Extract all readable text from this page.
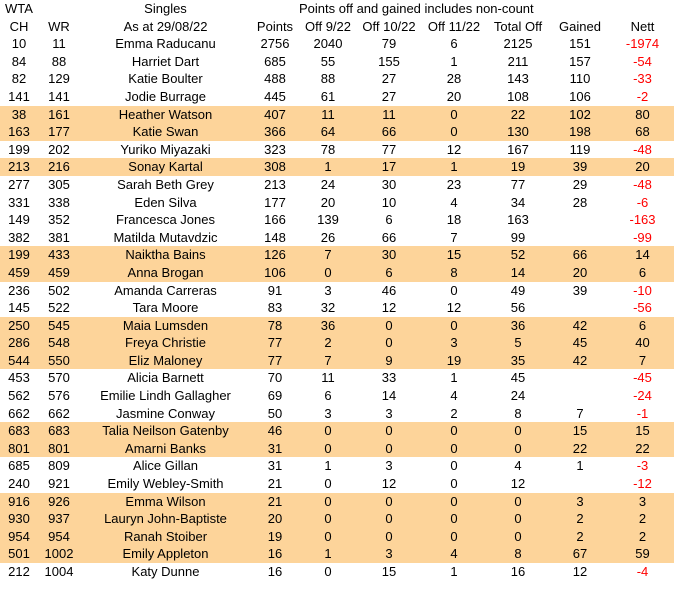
WTA		Singles		Points off and gained includes non-count					
CH	WR	As at 29/08/22	Points	Off 9/22	Off 10/22	Off 11/22	Total Off	Gained	Nett
10	11	Emma Raducanu	2756	2040	79	6	2125	151	-1974
84	88	Harriet Dart	685	55	155	1	211	157	-54
82	129	Katie Boulter	488	88	27	28	143	110	-33
141	141	Jodie Burrage	445	61	27	20	108	106	-2
38	161	Heather Watson	407	11	11	0	22	102	80
163	177	Katie Swan	366	64	66	0	130	198	68
199	202	Yuriko Miyazaki	323	78	77	12	167	119	-48
213	216	Sonay Kartal	308	1	17	1	19	39	20
277	305	Sarah Beth Grey	213	24	30	23	77	29	-48
331	338	Eden Silva	177	20	10	4	34	28	-6
149	352	Francesca Jones	166	139	6	18	163		-163
382	381	Matilda Mutavdzic	148	26	66	7	99		-99
199	433	Naiktha Bains	126	7	30	15	52	66	14
459	459	Anna Brogan	106	0	6	8	14	20	6
236	502	Amanda Carreras	91	3	46	0	49	39	-10
145	522	Tara Moore	83	32	12	12	56		-56
250	545	Maia Lumsden	78	36	0	0	36	42	6
286	548	Freya Christie	77	2	0	3	5	45	40
544	550	Eliz Maloney	77	7	9	19	35	42	7
453	570	Alicia Barnett	70	11	33	1	45		-45
562	576	Emilie Lindh Gallagher	69	6	14	4	24		-24
662	662	Jasmine Conway	50	3	3	2	8	7	-1
683	683	Talia Neilson Gatenby	46	0	0	0	0	15	15
801	801	Amarni Banks	31	0	0	0	0	22	22
685	809	Alice Gillan	31	1	3	0	4	1	-3
240	921	Emily Webley-Smith	21	0	12	0	12		-12
916	926	Emma Wilson	21	0	0	0	0	3	3
930	937	Lauryn John-Baptiste	20	0	0	0	0	2	2
954	954	Ranah Stoiber	19	0	0	0	0	2	2
501	1002	Emily Appleton	16	1	3	4	8	67	59
212	1004	Katy Dunne	16	0	15	1	16	12	-4
